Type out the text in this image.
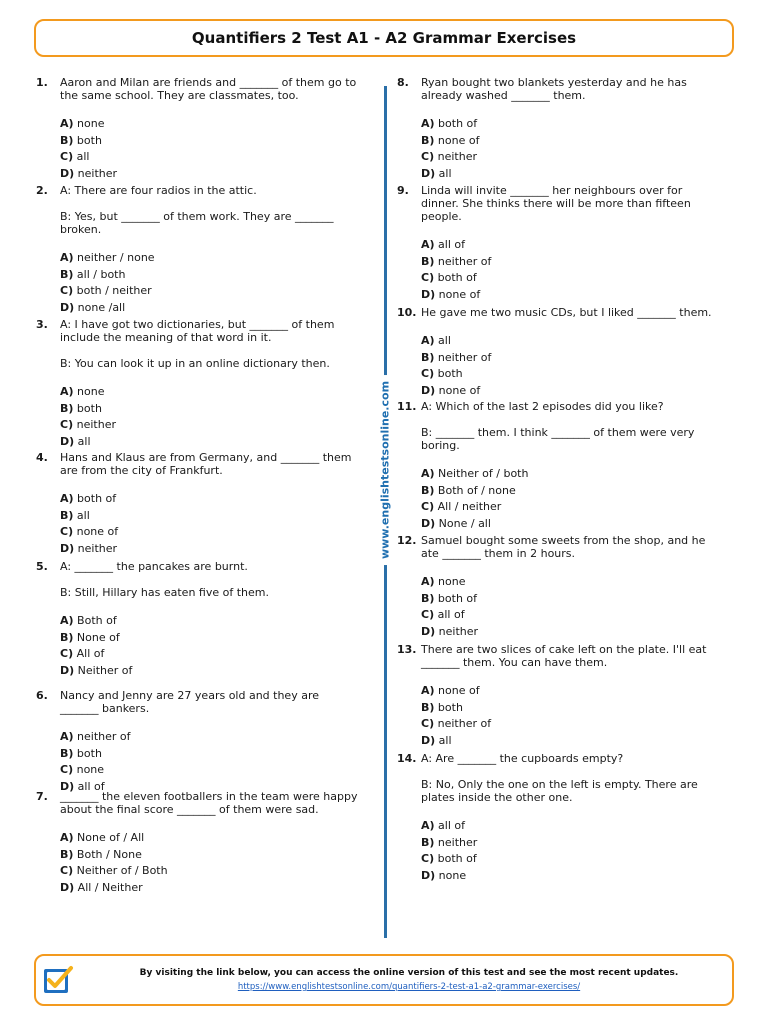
Quantifiers 2 Test A1 - A2 Grammar Exercises
1.	Aaron and Milan are friends and _______ of them go to
the same school. They are classmates, too.
A) none
B) both
C) all
D) neither
2.	A: There are four radios in the attic.
B: Yes, but _______ of them work. They are _______
broken.
A) neither / none
B) all / both
C) both / neither
D) none /all
3.	A: I have got two dictionaries, but _______ of them
include the meaning of that word in it.
B: You can look it up in an online dictionary then.
A) none
B) both
C) neither
D) all
4.	Hans and Klaus are from Germany, and _______ them
are from the city of Frankfurt.
A) both of
B) all
C) none of
D) neither
5.	A: _______ the pancakes are burnt.
B: Still, Hillary has eaten five of them.
A) Both of
B) None of
C) All of
D) Neither of
6.	Nancy and Jenny are 27 years old and they are
_______ bankers.
A) neither of
B) both
C) none
D) all of
7.	_______ the eleven footballers in the team were happy
about the final score _______ of them were sad.
A) None of / All
B) Both / None
C) Neither of / Both
D) All / Neither
8.	Ryan bought two blankets yesterday and he has
already washed _______ them.
A) both of
B) none of
C) neither
D) all
9.	Linda will invite _______ her neighbours over for
dinner. She thinks there will be more than fifteen
people.
A) all of
B) neither of
C) both of
D) none of
10. He gave me two music CDs, but I liked _______ them.
A) all
B) neither of
C) both
D) none of
11. A: Which of the last 2 episodes did you like?
B: _______ them. I think _______ of them were very
boring.
A) Neither of / both
B) Both of / none
C) All / neither
D) None / all
12. Samuel bought some sweets from the shop, and he
ate _______ them in 2 hours.
A) none
B) both of
C) all of
D) neither
13. There are two slices of cake left on the plate. I'll eat
_______ them. You can have them.
A) none of
B) both
C) neither of
D) all
14. A: Are _______ the cupboards empty?
B: No, Only the one on the left is empty. There are
plates inside the other one.
A) all of
B) neither
C) both of
D) none
www.englishtestsonline.com
By visiting the link below, you can access the online version of this test and see the most recent updates.
https://www.englishtestsonline.com/quantifiers-2-test-a1-a2-grammar-exercises/
